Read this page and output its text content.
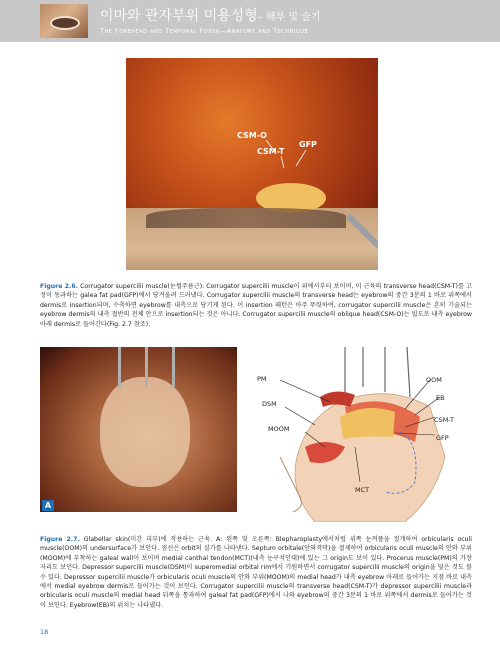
이마와 관자부위 미용성형– 해부 및 술기
The Forehead and Temporal Fossa—Anatomy and Technique
CSM-O
CSM-T
GFP
Figure 2.6. Corrugator supercilii muscle(눈썹주름근). Corrugator supercilii muscle이 위에서부터 보이며, 이 근육의 transverse head(CSM-T)를 고정이 동과하는 galea fat pad(GFP)에서 당겨올려 드러냈다. Corrugator supercilii muscle의 transverse head는 eyebrow의 중간 3분의 1 바로 위쪽에서 dermis로 insertion되며, 수축하면 eyebrow를 내측으로 당기게 된다. 이 insertion 패턴은 아주 뚜렷하여, corrugator supercilii muscle은 흔히 기술되는 eyebrow dermis의 내측 절반의 전체 안으로 insertion되는 것은 아니다. Corrugator supercilii muscle의 oblique head(CSM-O)는 빌도로 내측 eyebrow 아래 dermis로 들어간다(Fig. 2.7 참조).
A
PM
DSM
MOOM
OOM
EB
CSM-T
GFP
MCT
Figure 2.7. Glabellar skin(미간 피부)에 작용하는 근육. A: 왼쪽 및 오른쪽: Blepharoplasty에서처럼 위쪽 눈꺼풀을 절개하여 orbicularis oculi muscle(OOM)의 undersurface가 보인다. 점선은 orbit의 실가를 나타낸다. Septum orbitale(안와격막)을 절제하여 orbicularis oculi muscle의 안와 부위(MOOM)에 부착하는 galeal wall이 보이며 medial canthal tendon(MCT)(내측 눈구석인대)에 있는 그 origin도 보이 있다. Procerus muscle(PM)의 가장자리도 보인다. Depressor supercilii muscle(DSM)이 superomedial orbital rim에서 기원하면서 corrugator supercilii muscle의 origin을 덮은 것도 볼 수 있다. Depressor supercilii muscle가 orbicularis oculi muscle의 안와 부위(MOOM)의 medial head가 내측 eyebrow 아래로 들어가는 지점 바로 내측에서 medial eyebrow dermis로 들어가는 것이 보인다. Corrugator supercilii muscle의 transverse head(CSM-T)가 depressor supercilii muscle과 orbicularis oculi muscle의 medial head 뒤쪽을 통과하여 galeal fat pad(GFP)에서 나와 eyebrow의 중간 3분의 1 바로 위쪽에서 dermis로 들어가는 것이 보인다. Eyebrow(EB)의 위치는 나타냈다.
18
